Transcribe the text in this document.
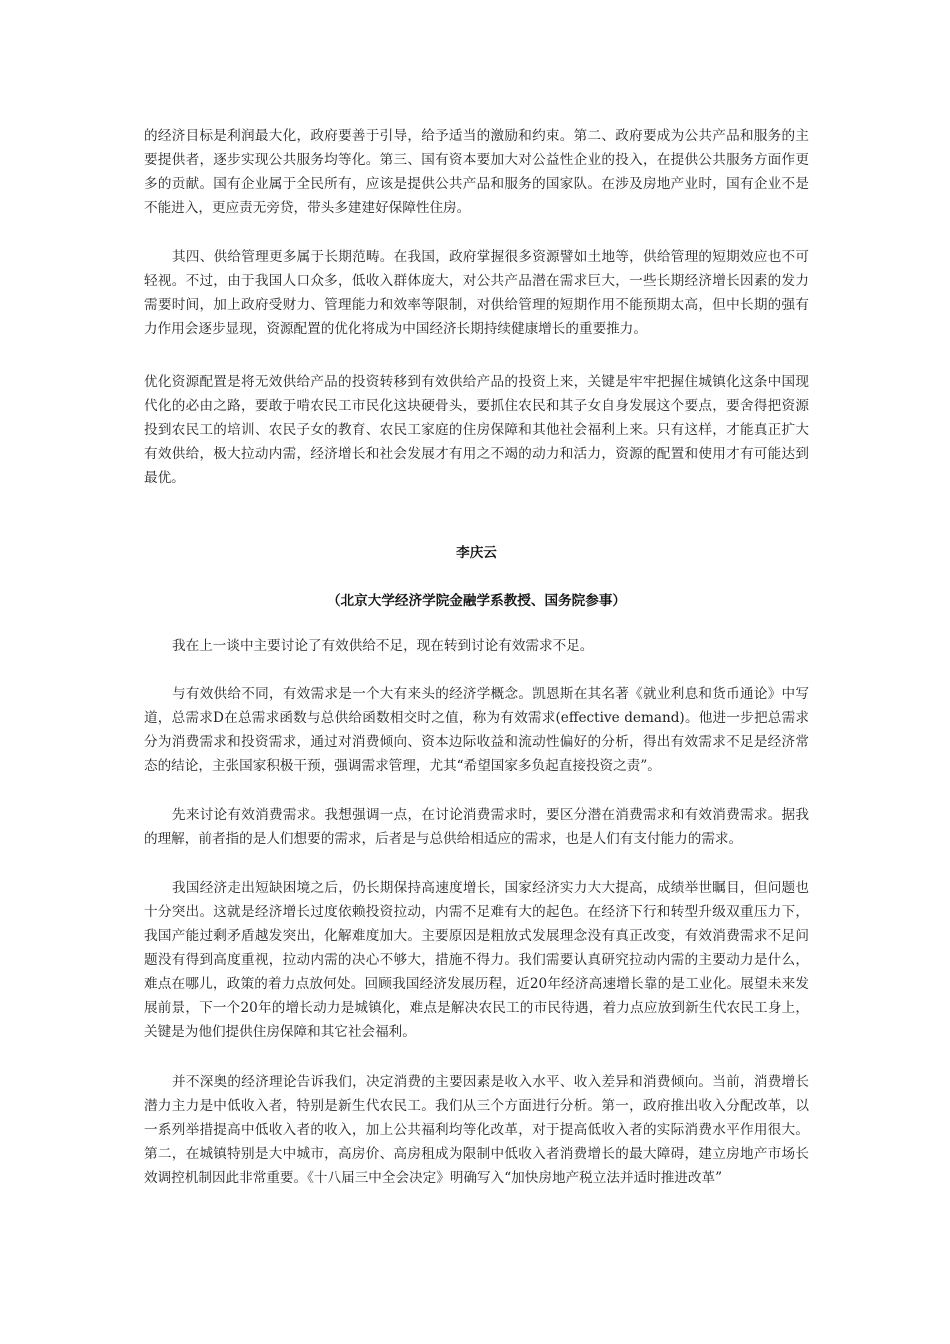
的经济目标是利润最大化，政府要善于引导，给予适当的激励和约束。第二、政府要成为公共产品和服务的主要提供者，逐步实现公共服务均等化。第三、国有资本要加大对公益性企业的投入，在提供公共服务方面作更多的贡献。国有企业属于全民所有，应该是提供公共产品和服务的国家队。在涉及房地产业时，国有企业不是不能进入，更应责无旁贷，带头多建建好保障性住房。

其四、供给管理更多属于长期范畴。在我国，政府掌握很多资源譬如土地等，供给管理的短期效应也不可轻视。不过，由于我国人口众多，低收入群体庞大，对公共产品潜在需求巨大，一些长期经济增长因素的发力需要时间，加上政府受财力、管理能力和效率等限制，对供给管理的短期作用不能预期太高，但中长期的强有力作用会逐步显现，资源配置的优化将成为中国经济长期持续健康增长的重要推力。

优化资源配置是将无效供给产品的投资转移到有效供给产品的投资上来，关键是牢牢把握住城镇化这条中国现代化的必由之路，要敢于啃农民工市民化这块硬骨头，要抓住农民和其子女自身发展这个要点，要舍得把资源投到农民工的培训、农民子女的教育、农民工家庭的住房保障和其他社会福利上来。只有这样，才能真正扩大有效供给，极大拉动内需，经济增长和社会发展才有用之不竭的动力和活力，资源的配置和使用才有可能达到最优。

李庆云
（北京大学经济学院金融学系教授、国务院参事）

我在上一谈中主要讨论了有效供给不足，现在转到讨论有效需求不足。

与有效供给不同，有效需求是一个大有来头的经济学概念。凯恩斯在其名著《就业利息和货币通论》中写道，总需求D在总需求函数与总供给函数相交时之值，称为有效需求(effective demand)。他进一步把总需求分为消费需求和投资需求，通过对消费倾向、资本边际收益和流动性偏好的分析，得出有效需求不足是经济常态的结论，主张国家积极干预，强调需求管理，尤其“希望国家多负起直接投资之责”。

先来讨论有效消费需求。我想强调一点，在讨论消费需求时，要区分潜在消费需求和有效消费需求。据我的理解，前者指的是人们想要的需求，后者是与总供给相适应的需求，也是人们有支付能力的需求。

我国经济走出短缺困境之后，仍长期保持高速度增长，国家经济实力大大提高，成绩举世瞩目，但问题也十分突出。这就是经济增长过度依赖投资拉动，内需不足难有大的起色。在经济下行和转型升级双重压力下，我国产能过剩矛盾越发突出，化解难度加大。主要原因是粗放式发展理念没有真正改变，有效消费需求不足问题没有得到高度重视，拉动内需的决心不够大，措施不得力。我们需要认真研究拉动内需的主要动力是什么，难点在哪儿，政策的着力点放何处。回顾我国经济发展历程，近20年经济高速增长靠的是工业化。展望未来发展前景，下一个20年的增长动力是城镇化，难点是解决农民工的市民待遇，着力点应放到新生代农民工身上，关键是为他们提供住房保障和其它社会福利。

并不深奥的经济理论告诉我们，决定消费的主要因素是收入水平、收入差异和消费倾向。当前，消费增长潜力主力是中低收入者，特别是新生代农民工。我们从三个方面进行分析。第一，政府推出收入分配改革，以一系列举措提高中低收入者的收入，加上公共福利均等化改革，对于提高低收入者的实际消费水平作用很大。第二，在城镇特别是大中城市，高房价、高房租成为限制中低收入者消费增长的最大障碍，建立房地产市场长效调控机制因此非常重要。《十八届三中全会决定》明确写入“加快房地产税立法并适时推进改革”
